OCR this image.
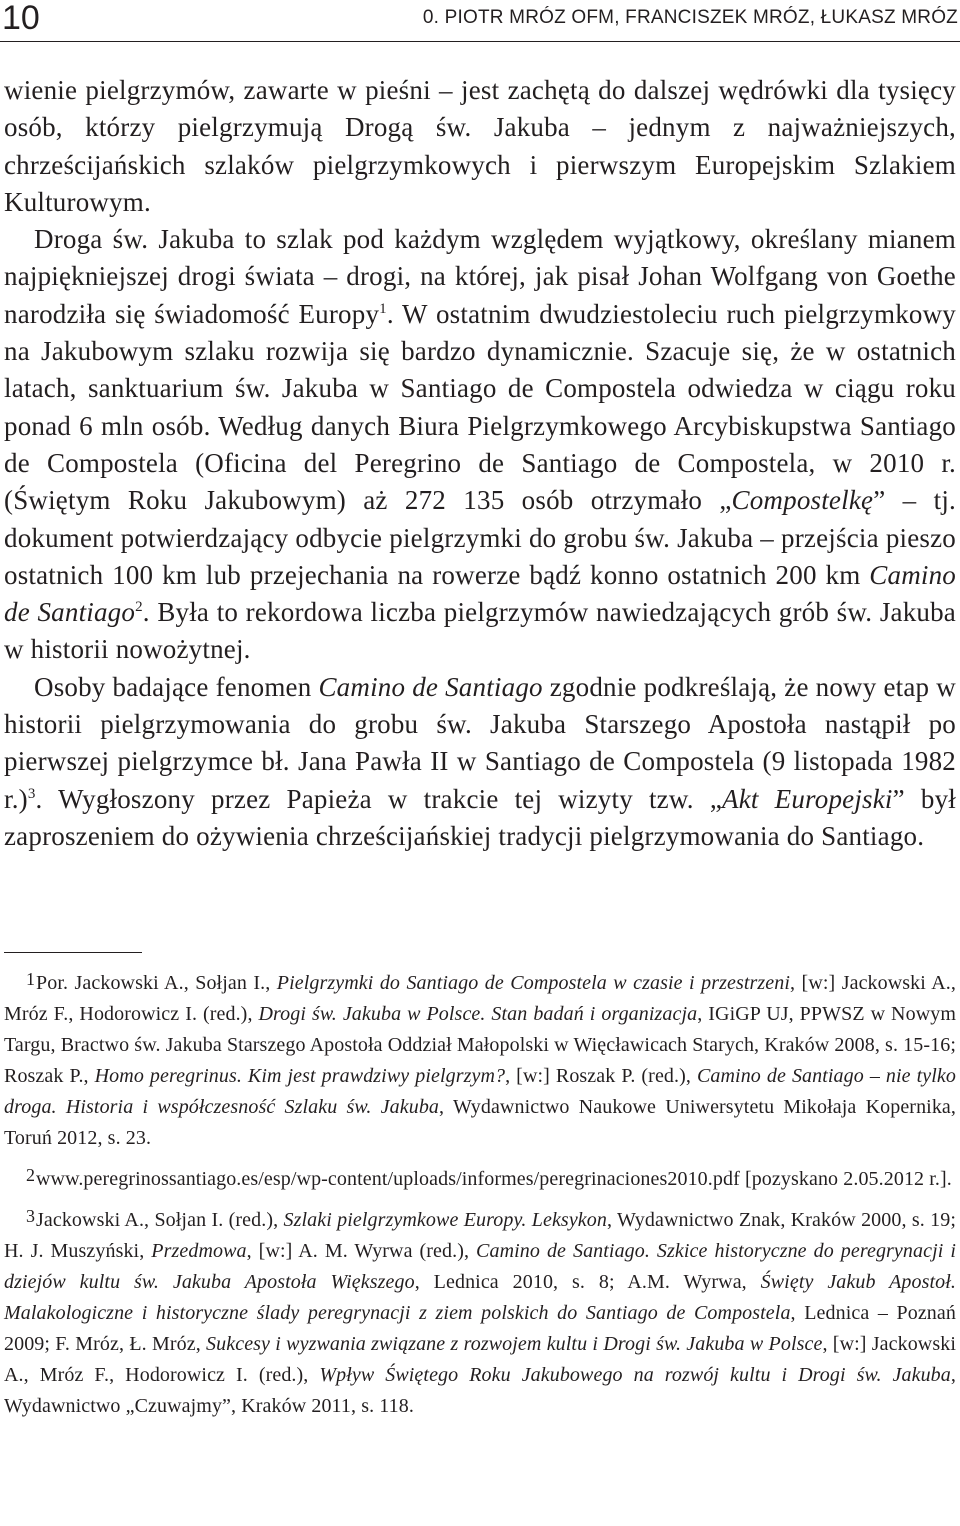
10	0. PIOTR MRÓZ OFM, FRANCISZEK MRÓZ, ŁUKASZ MRÓZ
wienie pielgrzymów, zawarte w pieśni – jest zachętą do dalszej wędrówki dla tysięcy osób, którzy pielgrzymują Drogą św. Jakuba – jednym z najważniejszych, chrześcijańskich szlaków pielgrzymkowych i pierwszym Europejskim Szlakiem Kulturowym.
Droga św. Jakuba to szlak pod każdym względem wyjątkowy, określany mianem najpiękniejszej drogi świata – drogi, na której, jak pisał Johan Wolfgang von Goethe narodziła się świadomość Europy$^1$. W ostatnim dwudziestoleciu ruch pielgrzymkowy na Jakubowym szlaku rozwija się bardzo dynamicznie. Szacuje się, że w ostatnich latach, sanktuarium św. Jakuba w Santiago de Compostela odwiedza w ciągu roku ponad 6 mln osób. Według danych Biura Pielgrzymkowego Arcybiskupstwa Santiago de Compostela (Oficina del Peregrino de Santiago de Compostela, w 2010 r. (Świętym Roku Jakubowym) aż 272 135 osób otrzymało „Compostelkę” – tj. dokument potwierdzający odbycie pielgrzymki do grobu św. Jakuba – przejścia pieszo ostatnich 100 km lub przejechania na rowerze bądź konno ostatnich 200 km Camino de Santiago$^2$. Była to rekordowa liczba pielgrzymów nawiedzających grób św. Jakuba w historii nowożytnej.
Osoby badające fenomen Camino de Santiago zgodnie podkreślają, że nowy etap w historii pielgrzymowania do grobu św. Jakuba Starszego Apostoła nastąpił po pierwszej pielgrzymce bł. Jana Pawła II w Santiago de Compostela (9 listopada 1982 r.)$^3$. Wygłoszony przez Papieża w trakcie tej wizyty tzw. „Akt Europejski” był zaproszeniem do ożywienia chrześcijańskiej tradycji pielgrzymowania do Santiago.
1Por. Jackowski A., Sołjan I., Pielgrzymki do Santiago de Compostela w czasie i przestrzeni, [w:] Jackowski A., Mróz F., Hodorowicz I. (red.), Drogi św. Jakuba w Polsce. Stan badań i organizacja, IGiGP UJ, PPWSZ w Nowym Targu, Bractwo św. Jakuba Starszego Apostoła Oddział Małopolski w Więcławicach Starych, Kraków 2008, s. 15-16; Roszak P., Homo peregrinus. Kim jest prawdziwy pielgrzym?, [w:] Roszak P. (red.), Camino de Santiago – nie tylko droga. Historia i współczesność Szlaku św. Jakuba, Wydawnictwo Naukowe Uniwersytetu Mikołaja Kopernika, Toruń 2012, s. 23.
2www.peregrinossantiago.es/esp/wp-content/uploads/informes/peregrinaciones2010.pdf [pozyskano 2.05.2012 r.].
3Jackowski A., Sołjan I. (red.), Szlaki pielgrzymkowe Europy. Leksykon, Wydawnictwo Znak, Kraków 2000, s. 19; H. J. Muszyński, Przedmowa, [w:] A. M. Wyrwa (red.), Camino de Santiago. Szkice historyczne do peregrynacji i dziejów kultu św. Jakuba Apostoła Większego, Lednica 2010, s. 8; A.M. Wyrwa, Święty Jakub Apostoł. Malakologiczne i historyczne ślady peregrynacji z ziem polskich do Santiago de Compostela, Lednica – Poznań 2009; F. Mróz, Ł. Mróz, Sukcesy i wyzwania związane z rozwojem kultu i Drogi św. Jakuba w Polsce, [w:] Jackowski A., Mróz F., Hodorowicz I. (red.), Wpływ Świętego Roku Jakubowego na rozwój kultu i Drogi św. Jakuba, Wydawnictwo „Czuwajmy”, Kraków 2011, s. 118.
